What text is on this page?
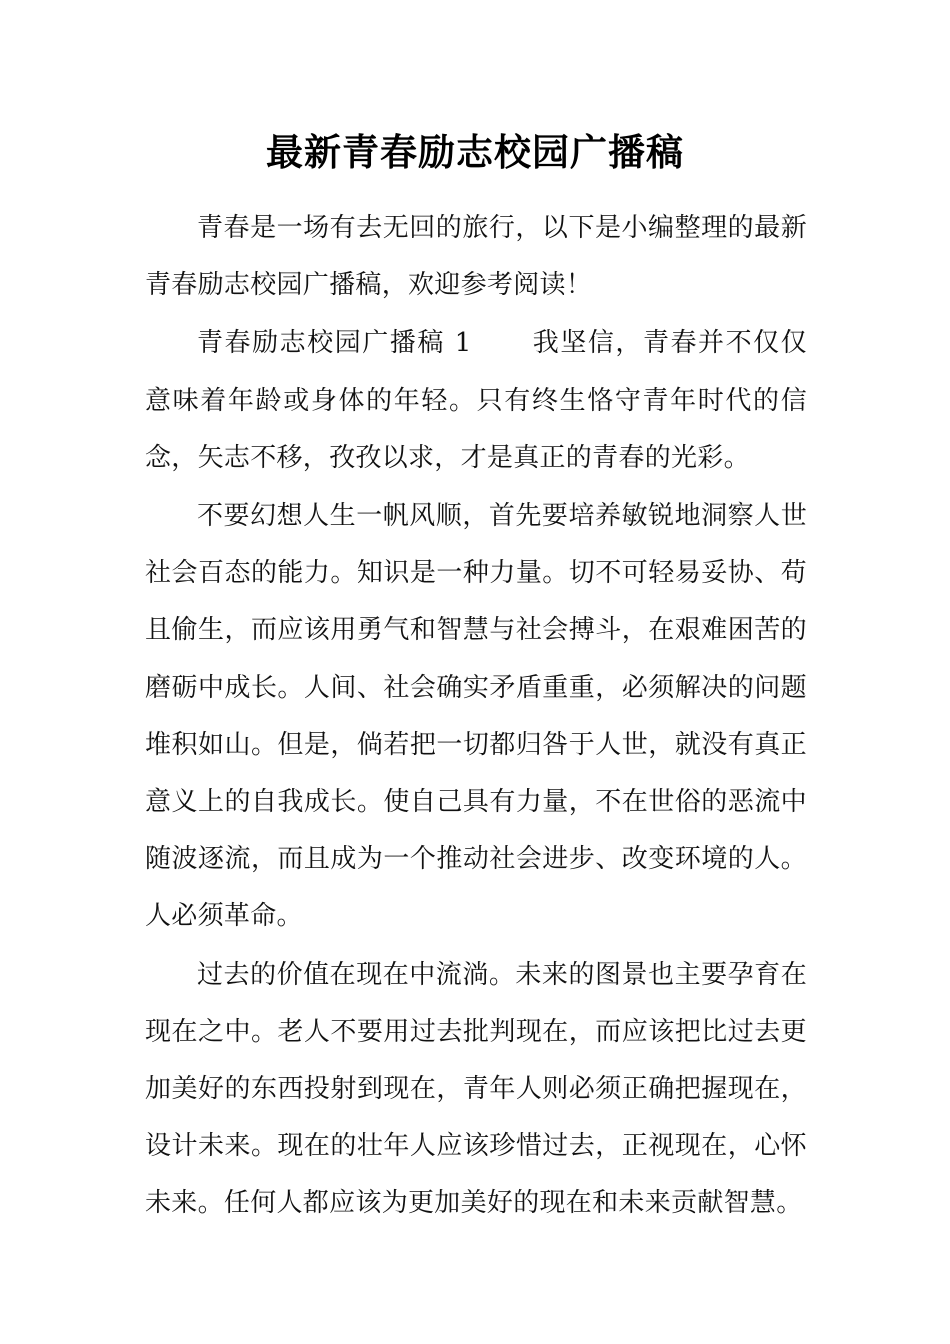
最新青春励志校园广播稿

青春是一场有去无回的旅行，以下是小编整理的最新青春励志校园广播稿，欢迎参考阅读！

青春励志校园广播稿 1 我坚信，青春并不仅仅意味着年龄或身体的年轻。只有终生恪守青年时代的信念，矢志不移，孜孜以求，才是真正的青春的光彩。

不要幻想人生一帆风顺，首先要培养敏锐地洞察人世社会百态的能力。知识是一种力量。切不可轻易妥协、苟且偷生，而应该用勇气和智慧与社会搏斗，在艰难困苦的磨砺中成长。人间、社会确实矛盾重重，必须解决的问题堆积如山。但是，倘若把一切都归咎于人世，就没有真正意义上的自我成长。使自己具有力量，不在世俗的恶流中随波逐流，而且成为一个推动社会进步、改变环境的人。人必须革命。

过去的价值在现在中流淌。未来的图景也主要孕育在现在之中。老人不要用过去批判现在，而应该把比过去更加美好的东西投射到现在，青年人则必须正确把握现在，设计未来。现在的壮年人应该珍惜过去，正视现在，心怀未来。任何人都应该为更加美好的现在和未来贡献智慧。
